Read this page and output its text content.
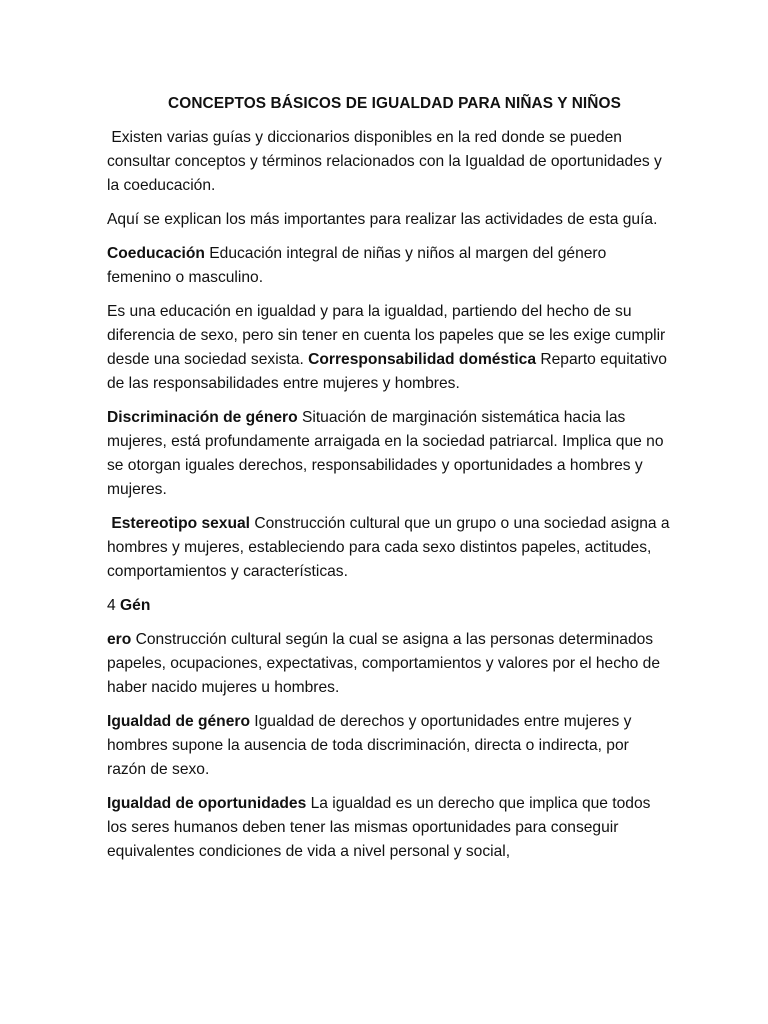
CONCEPTOS BÁSICOS DE IGUALDAD PARA NIÑAS Y NIÑOS

Existen varias guías y diccionarios disponibles en la red donde se pueden consultar conceptos y términos relacionados con la Igualdad de oportunidades y la coeducación.

Aquí se explican los más importantes para realizar las actividades de esta guía.

Coeducación Educación integral de niñas y niños al margen del género femenino o masculino.

Es una educación en igualdad y para la igualdad, partiendo del hecho de su diferencia de sexo, pero sin tener en cuenta los papeles que se les exige cumplir desde una sociedad sexista. Corresponsabilidad doméstica Reparto equitativo de las responsabilidades entre mujeres y hombres.

Discriminación de género Situación de marginación sistemática hacia las mujeres, está profundamente arraigada en la sociedad patriarcal. Implica que no se otorgan iguales derechos, responsabilidades y oportunidades a hombres y mujeres.

Estereotipo sexual Construcción cultural que un grupo o una sociedad asigna a hombres y mujeres, estableciendo para cada sexo distintos papeles, actitudes, comportamientos y características.

4 Gén

ero Construcción cultural según la cual se asigna a las personas determinados papeles, ocupaciones, expectativas, comportamientos y valores por el hecho de haber nacido mujeres u hombres.

Igualdad de género Igualdad de derechos y oportunidades entre mujeres y hombres supone la ausencia de toda discriminación, directa o indirecta, por razón de sexo.

Igualdad de oportunidades La igualdad es un derecho que implica que todos los seres humanos deben tener las mismas oportunidades para conseguir equivalentes condiciones de vida a nivel personal y social,
